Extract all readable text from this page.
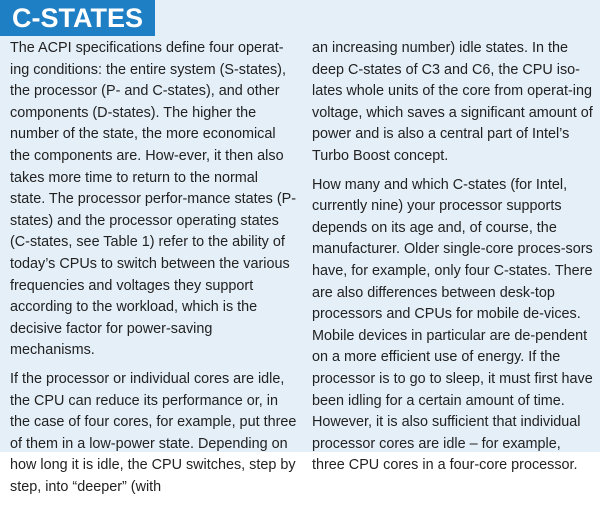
C-STATES

The ACPI specifications define four operat-ing conditions: the entire system (S-states), the processor (P- and C-states), and other components (D-states). The higher the number of the state, the more economical the components are. How-ever, it then also takes more time to return to the normal state. The processor perfor-mance states (P-states) and the processor operating states (C-states, see Table 1) refer to the ability of today’s CPUs to switch between the various frequencies and voltages they support according to the workload, which is the decisive factor for power-saving mechanisms.

If the processor or individual cores are idle, the CPU can reduce its performance or, in the case of four cores, for example, put three of them in a low-power state. Depending on how long it is idle, the CPU switches, step by step, into “deeper” (with

an increasing number) idle states. In the deep C-states of C3 and C6, the CPU iso-lates whole units of the core from operat-ing voltage, which saves a significant amount of power and is also a central part of Intel’s Turbo Boost concept.

How many and which C-states (for Intel, currently nine) your processor supports depends on its age and, of course, the manufacturer. Older single-core proces-sors have, for example, only four C-states. There are also differences between desk-top processors and CPUs for mobile de-vices. Mobile devices in particular are de-pendent on a more efficient use of energy. If the processor is to go to sleep, it must first have been idling for a certain amount of time. However, it is also sufficient that individual processor cores are idle – for example, three CPU cores in a four-core processor.
